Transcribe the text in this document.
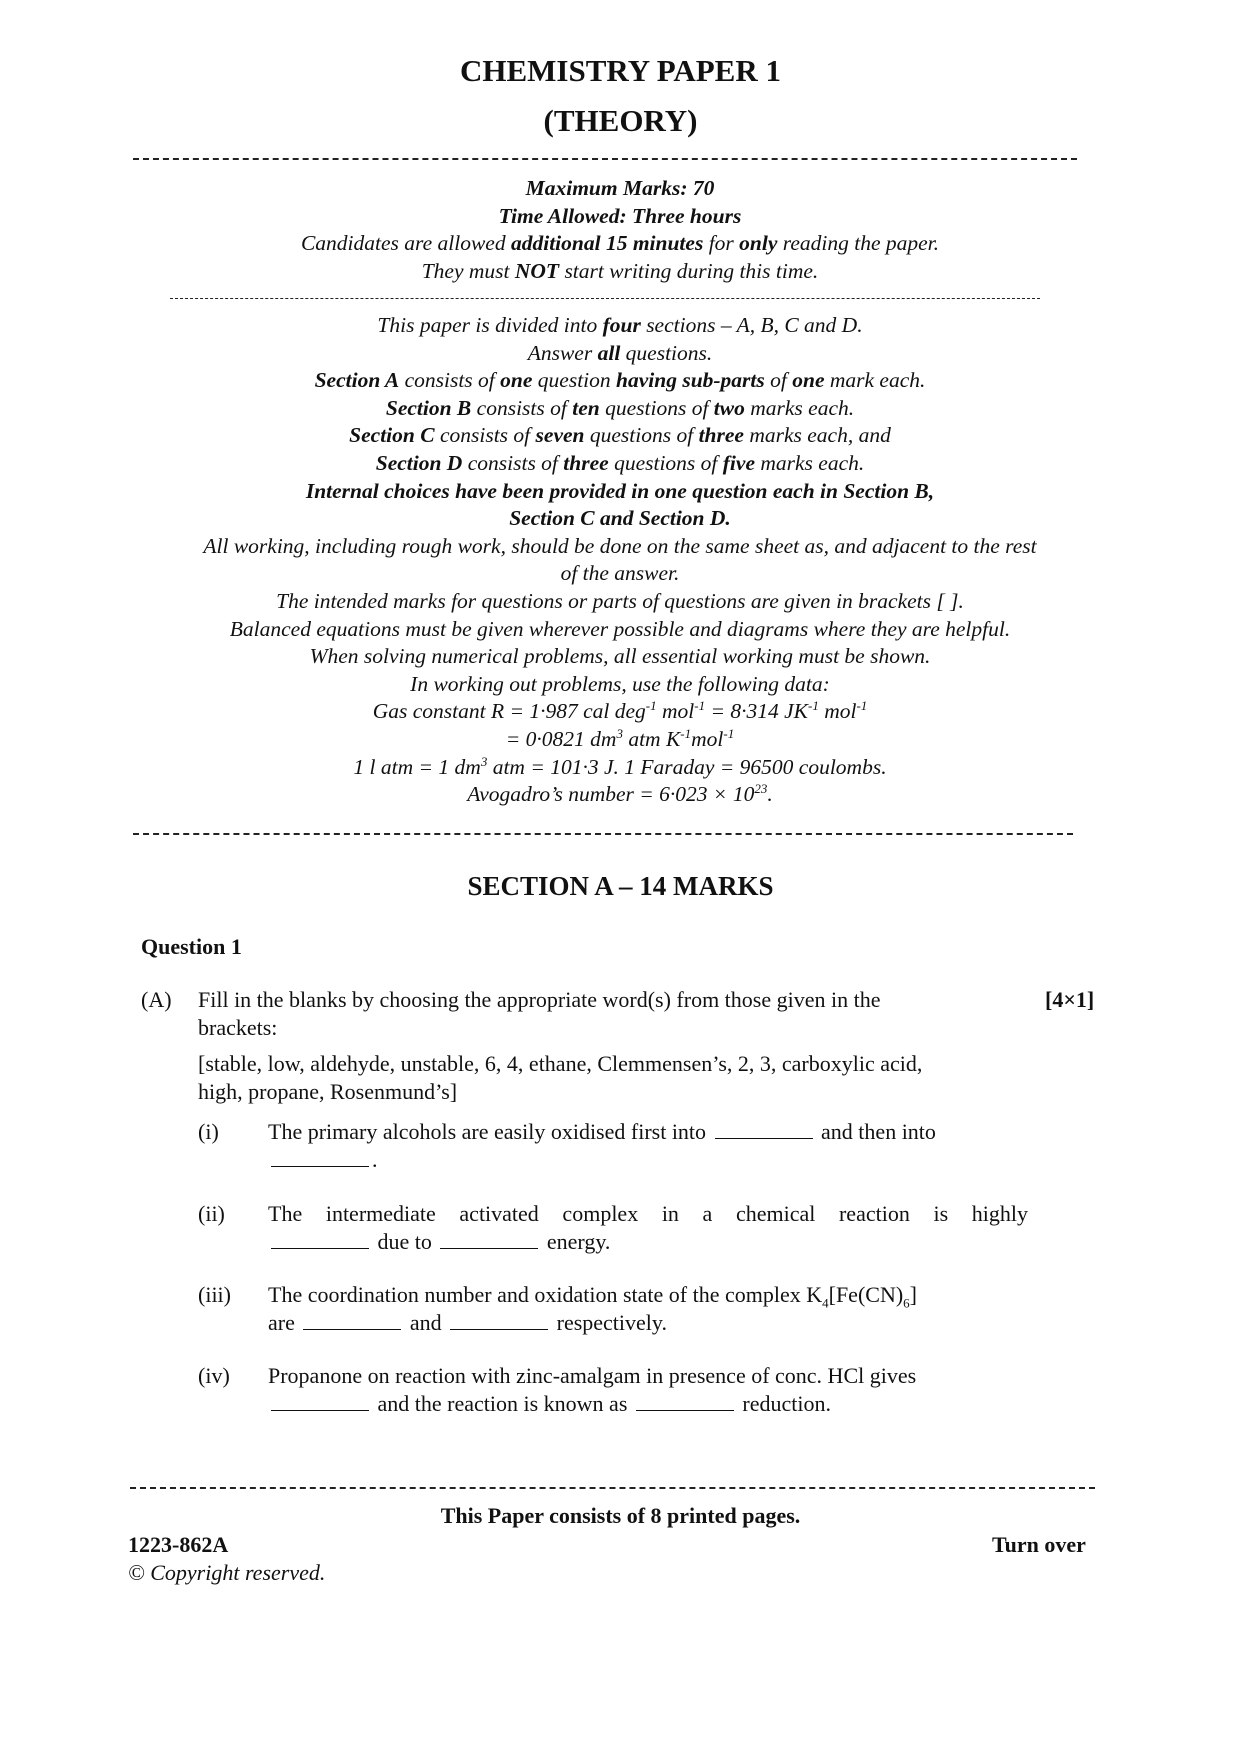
CHEMISTRY PAPER 1
(THEORY)
Maximum Marks: 70
Time Allowed: Three hours
Candidates are allowed additional 15 minutes for only reading the paper.
They must NOT start writing during this time.
This paper is divided into four sections – A, B, C and D.
Answer all questions.
Section A consists of one question having sub-parts of one mark each.
Section B consists of ten questions of two marks each.
Section C consists of seven questions of three marks each, and
Section D consists of three questions of five marks each.
Internal choices have been provided in one question each in Section B,
Section C and Section D.
All working, including rough work, should be done on the same sheet as, and adjacent to the rest
of the answer.
The intended marks for questions or parts of questions are given in brackets [ ].
Balanced equations must be given wherever possible and diagrams where they are helpful.
When solving numerical problems, all essential working must be shown.
In working out problems, use the following data:
Gas constant R = 1·987 cal deg$^{-1}$ mol$^{-1}$ = 8·314 $JK^{-1}$ mol$^{-1}$
= 0·0821 $dm^3$ atm $K^{-1}mol^{-1}$
1 l atm = 1 $dm^3$ atm = 101·3 J. 1 Faraday = 96500 coulombs.
Avogadro’s number = $6\cdot 023 \times 10^{23}$.
SECTION A – 14 MARKS
Question 1
(A) Fill in the blanks by choosing the appropriate word(s) from those given in the
brackets:
[4×1]
[stable, low, aldehyde, unstable, 6, 4, ethane, Clemmensen’s, 2, 3, carboxylic acid,
high, propane, Rosenmund’s]
(i) The primary alcohols are easily oxidised first into	and then into
.
(ii) The intermediate activated complex in a chemical reaction is highly
due to	energy.
(iii) The coordination number and oxidation state of the complex $K_4[Fe(CN)_6]$
are	and	respectively.
(iv) Propanone on reaction with zinc-amalgam in presence of conc. HCl gives
and the reaction is known as	reduction.
This Paper consists of 8 printed pages.
1223-862A	Turn over
© Copyright reserved.
